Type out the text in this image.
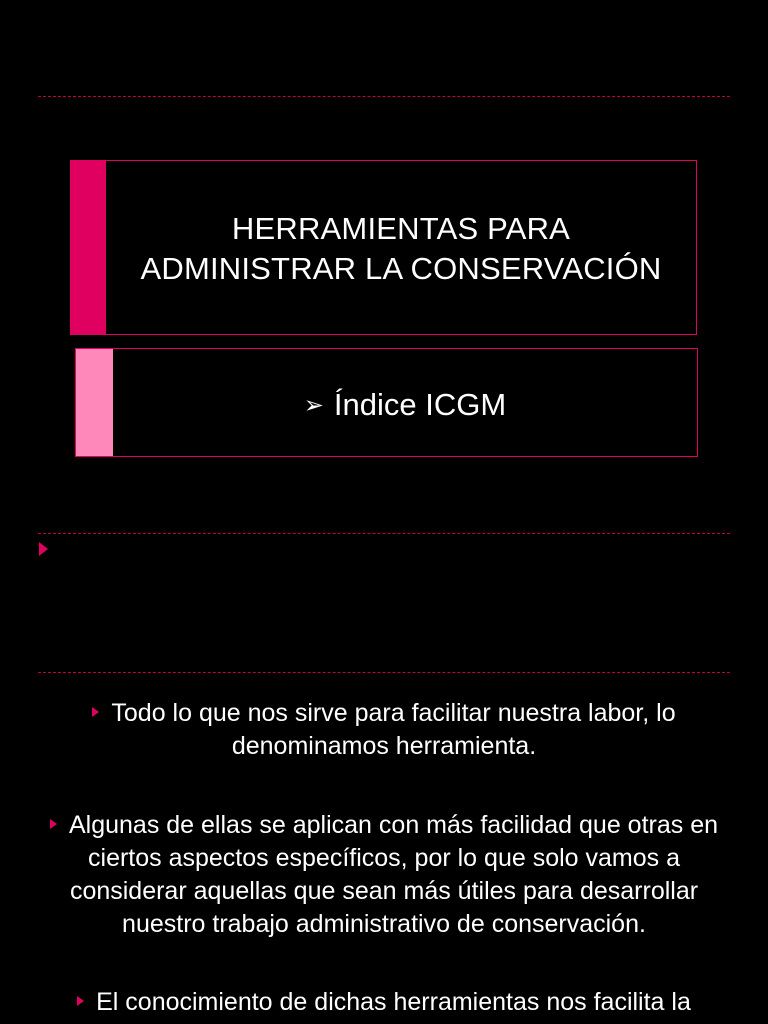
HERRAMIENTAS PARA
ADMINISTRAR LA CONSERVACIÓN
➢ Índice ICGM
Todo lo que nos sirve para facilitar nuestra labor, lo
denominamos herramienta.
Algunas de ellas se aplican con más facilidad que otras en
ciertos aspectos específicos, por lo que solo vamos a
considerar aquellas que sean más útiles para desarrollar
nuestro trabajo administrativo de conservación.
El conocimiento de dichas herramientas nos facilita la
